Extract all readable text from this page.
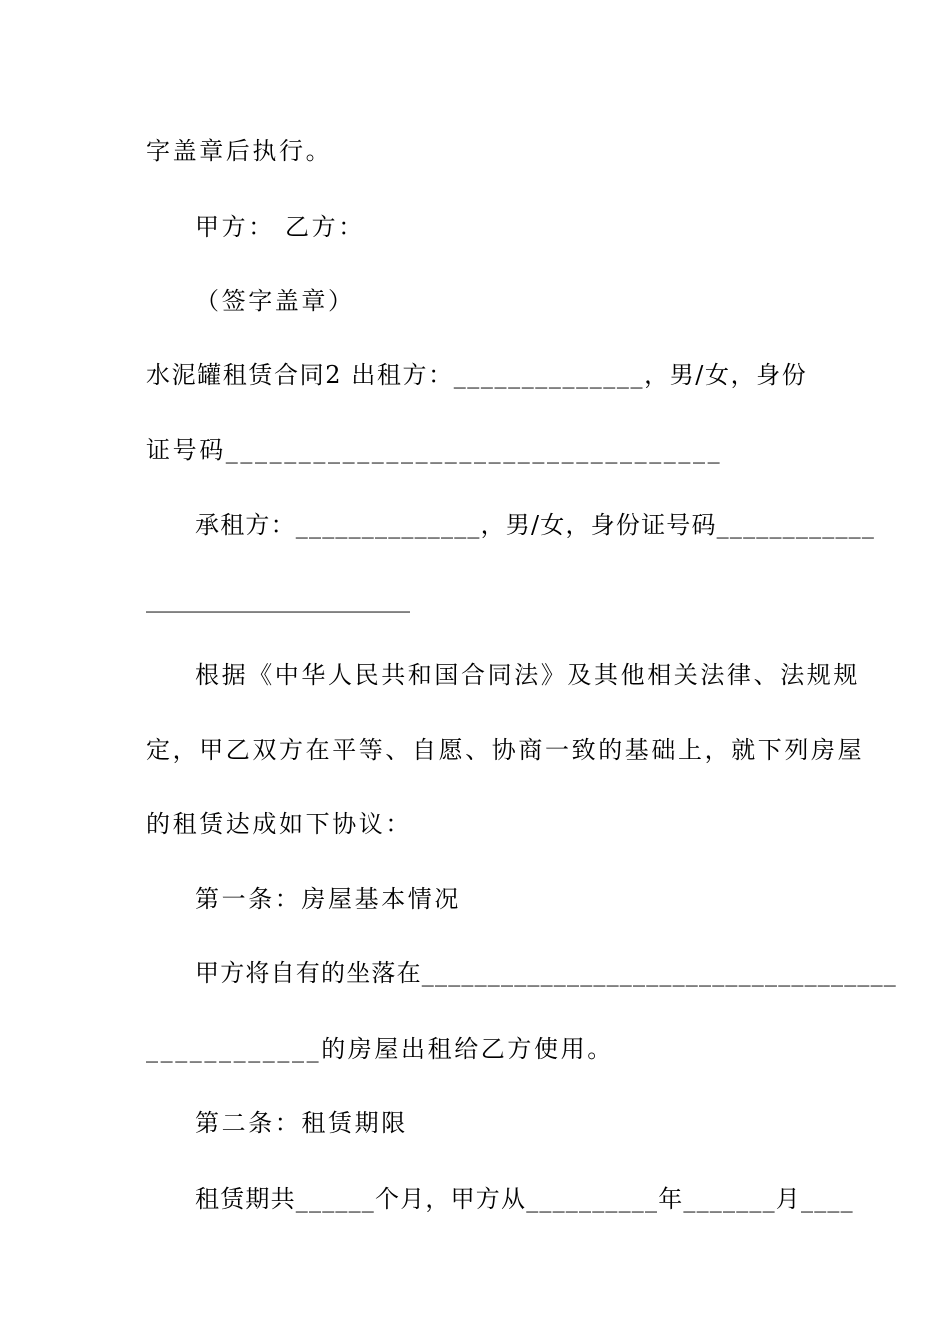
字盖章后执行。
甲方： 乙方：
（签字盖章）
水泥罐租赁合同2 出租方：______________，男/女，身份
证号码__________________________________
承租方：______________，男/女，身份证号码____________
______________________
根据《中华人民共和国合同法》及其他相关法律、法规规
定，甲乙双方在平等、自愿、协商一致的基础上，就下列房屋
的租赁达成如下协议：
第一条：房屋基本情况
甲方将自有的坐落在____________________________________
____________的房屋出租给乙方使用。
第二条：租赁期限
租赁期共______个月，甲方从__________年_______月____
